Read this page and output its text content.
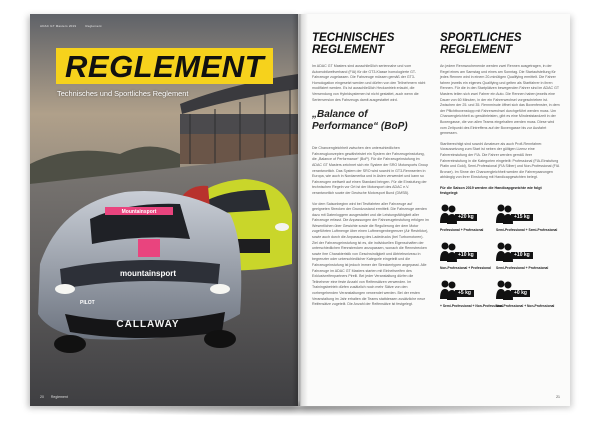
Mountainsport
mountainsport
CALLAWAY
PILOT
ADAC GT Masters 2019	Reglement
REGLEMENT
Technisches und Sportliches Reglement
20 Reglement
TECHNISCHES REGLEMENT

Im ADAC GT Masters sind ausschließlich seriennahe und vom Automobilweltverband (FIA) für die GT3-Klasse homologierte GT-Fahrzeuge zugelassen. Die Fahrzeuge müssen gemäß der GT3-Homologation eingesetzt werden und dürfen von den Teilnehmern nicht modifiziert werden. Es ist ausschließlich Heckantrieb erlaubt, die Verwendung von Hybridsystemen ist nicht gestattet, auch wenn die Serienversion des Fahrzeugs damit ausgestattet wird.

„Balance of Performance“ (BoP)

Die Chancengleichheit zwischen den unterschiedlichen Fahrzeugkonzepten gewährleistet ein System der Fahrzeugeinstufung, die „Balance of Performance“ (BoP). Für die Fahrzeugeinstufung im ADAC GT Masters zeichnet sich ein System der SRO Motorsports Group verantwortlich. Das System der SRO wird sowohl in GT3-Rennserien in Europa, wie auch in Nordamerika und in Asien verwendet und kann so Fahrzeugen weltweit auf einen Standard bringen. Für die Einstufung der technischen Regeln vor Ort ist der Motorsport des ADAC e.V. verantwortlich sowie der Deutsche Motorsport Bund (DMSB).

Vor dem Saisonbeginn wird bei Testfahrten aller Fahrzeuge auf geeigneten Strecken der Grundzustand ermittelt. Die Fahrzeuge werden dazu mit Datenloggern ausgestattet und die Leistungsfähigkeit aller Fahrzeuge erfasst. Die Anpassungen der Fahrzeugeinstufung erfolgen im Wesentlichen über Gewichte sowie die Regulierung der dem Motor zugeführten Luftmenge über einen Luftmengenbegrenzer (Air Restriktor), sowie auch durch die Anpassung des Ladedrucks (bei Turbomotoren). Ziel der Fahrzeugeinstufung ist es, die individuellen Eigenschaften der unterschiedlichen Rennstrecken anzupassen, wonach die Rennstrecken sowie ihre Charakteristik von Geschwindigkeit und Abtriebsniveau in begrenzter oder unterschiedlicher Kategorie eingeteilt und die Fahrzeugeinstufung ist jedoch immer der Streckentypen angepasst. Alle Fahrzeuge im ADAC GT Masters starten mit Einheitsreifen des Exklusivreifenpartners Pirelli. Bei jeder Veranstaltung dürfen die Teilnehmer eine feste Anzahl von Reifensätzen verwenden. Im Trainingsbetrieb dürfen zusätzlich noch mehr Sätze von den vorhergehenden Veranstaltungen verwendet werden. Bei der ersten Veranstaltung im Jahr erhalten die Teams stattdessen zusätzliche neue Reifensätze zugeteilt. Die Anzahl der Reifensätze ist festgelegt.

SPORTLICHES REGLEMENT

An jedem Rennwochenende werden zwei Rennen ausgetragen, in der Regel eines am Samstag und eines am Sonntag. Die Startaufstellung für jedes Rennen wird in einem 20-minütigen Qualifying ermittelt. Die Fahrer fahren jeweils ein eigenes Qualifying und gelten als Startfahrer in ihren Rennen. Für die in den Startplätzen bewegenden Fahrer sind im ADAC GT Masters teilen sich zwei Fahrer ein Auto. Die Rennen haben jeweils eine Dauer von 60 Minuten, in der ein Fahrerwechsel vorgeschrieben ist. Zwischen der 25. und 35. Rennminute öffnet sich das Boxenfenster, in dem der Pflichtboxenstopp mit Fahrerwechsel durchgeführt werden muss. Um Chancengleichheit zu gewährleisten, gibt es eine Mindeststandzeit in der Boxengasse, die von allen Teams eingehalten werden muss. Diese wird vom Zeitpunkt des Eintreffens auf der Boxengasse bis zur Ausfahrt gemessen.

Startberechtigt sind sowohl Amateure als auch Profi-Rennfahrer. Voraussetzung zum Start ist neben der gültigen Lizenz eine Fahrereinstufung der FIA. Die Fahrer werden gemäß ihrer Fahrereinstufung in die Kategorien eingeteilt: Professional (FIA-Einstufung Platin und Gold), Semi-Professional (FIA Silber) und Non-Professional (FIA Bronze). Im Sinne der Chancengleichheit werden die Fahrerpaarungen abhängig von ihrer Einstufung mit Handicapgewichten belegt.

Für die Saison 2019 werden die Handicapgewichte wie folgt festgelegt:
+20 kg
Professional + Professional
+15 kg
Semi-Professional + Semi-Professional
+10 kg
Non-Professional + Professional
+10 kg
Semi-Professional + Professional
+5 kg
+ Semi-Professional + Non-Professional
+0 kg
Non-Professional + Non-Professional
21
